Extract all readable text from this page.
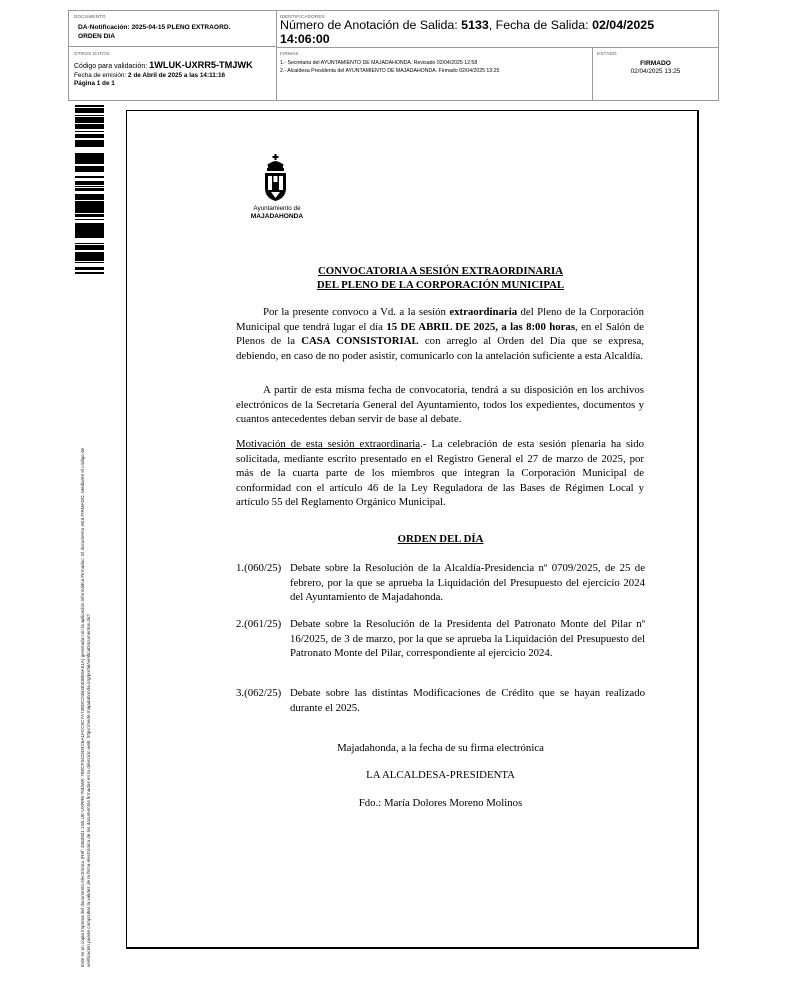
DOCUMENTO
DA-Notificación: 2025-04-15 PLENO EXTRAORD.
ORDEN DIA
IDENTIFICADORES
Número de Anotación de Salida: 5133, Fecha de Salida: 02/04/2025
14:06:00
OTROS DATOS
Código para validación: 1WLUK-UXRR5-TMJWK
Fecha de emisión: 2 de Abril de 2025 a las 14:11:16
Página 1 de 1
FIRMAS
1.- Secretaria del AYUNTAMIENTO DE MAJADAHONDA. Revisado 02/04/2025 12:58
2.- Alcaldesa Presidenta del AYUNTAMIENTO DE MAJADAHONDA. Firmado 02/04/2025 13:25
ESTADO
FIRMADO
02/04/2025 13:25
Este es un copia impresa del documento electrónico (Ref: 3463931 1WLUK-UXRR5-TMJWK 7B0CF3429D4C6A1FCC9C7A748DCD3B4E40BE8A51A) generada con la aplicación informática Firmadoc. El documento está FIRMADO. Mediante el código de verificación puede comprobar la validez de la firma electrónica de los documentos firmados en la dirección web: https://sede.majadahonda.org/portal/verificaDocumentos.do?
Ayuntamiento de
MAJADAHONDA
CONVOCATORIA A SESIÓN EXTRAORDINARIA
DEL PLENO DE LA CORPORACIÓN MUNICIPAL
Por la presente convoco a Vd. a la sesión extraordinaria del Pleno de la Corporación Municipal que tendrá lugar el día 15 DE ABRIL DE 2025, a las 8:00 horas, en el Salón de Plenos de la CASA CONSISTORIAL con arreglo al Orden del Día que se expresa, debiendo, en caso de no poder asistir, comunicarlo con la antelación suficiente a esta Alcaldía.
A partir de esta misma fecha de convocatoria, tendrá a su disposición en los archivos electrónicos de la Secretaría General del Ayuntamiento, todos los expedientes, documentos y cuantos antecedentes deban servir de base al debate.
Motivación de esta sesión extraordinaria.- La celebración de esta sesión plenaria ha sido solicitada, mediante escrito presentado en el Registro General el 27 de marzo de 2025, por más de la cuarta parte de los miembros que integran la Corporación Municipal de conformidad con el artículo 46 de la Ley Reguladora de las Bases de Régimen Local y artículo 55 del Reglamento Orgánico Municipal.
ORDEN DEL DÍA
1.(060/25) Debate sobre la Resolución de la Alcaldía-Presidencia nº 0709/2025, de 25 de febrero, por la que se aprueba la Liquidación del Presupuesto del ejercicio 2024 del Ayuntamiento de Majadahonda.
2.(061/25) Debate sobre la Resolución de la Presidenta del Patronato Monte del Pilar nº 16/2025, de 3 de marzo, por la que se aprueba la Liquidación del Presupuesto del Patronato Monte del Pilar, correspondiente al ejercicio 2024.
3.(062/25) Debate sobre las distintas Modificaciones de Crédito que se hayan realizado durante el 2025.
Majadahonda, a la fecha de su firma electrónica
LA ALCALDESA-PRESIDENTA
Fdo.: María Dolores Moreno Molinos
